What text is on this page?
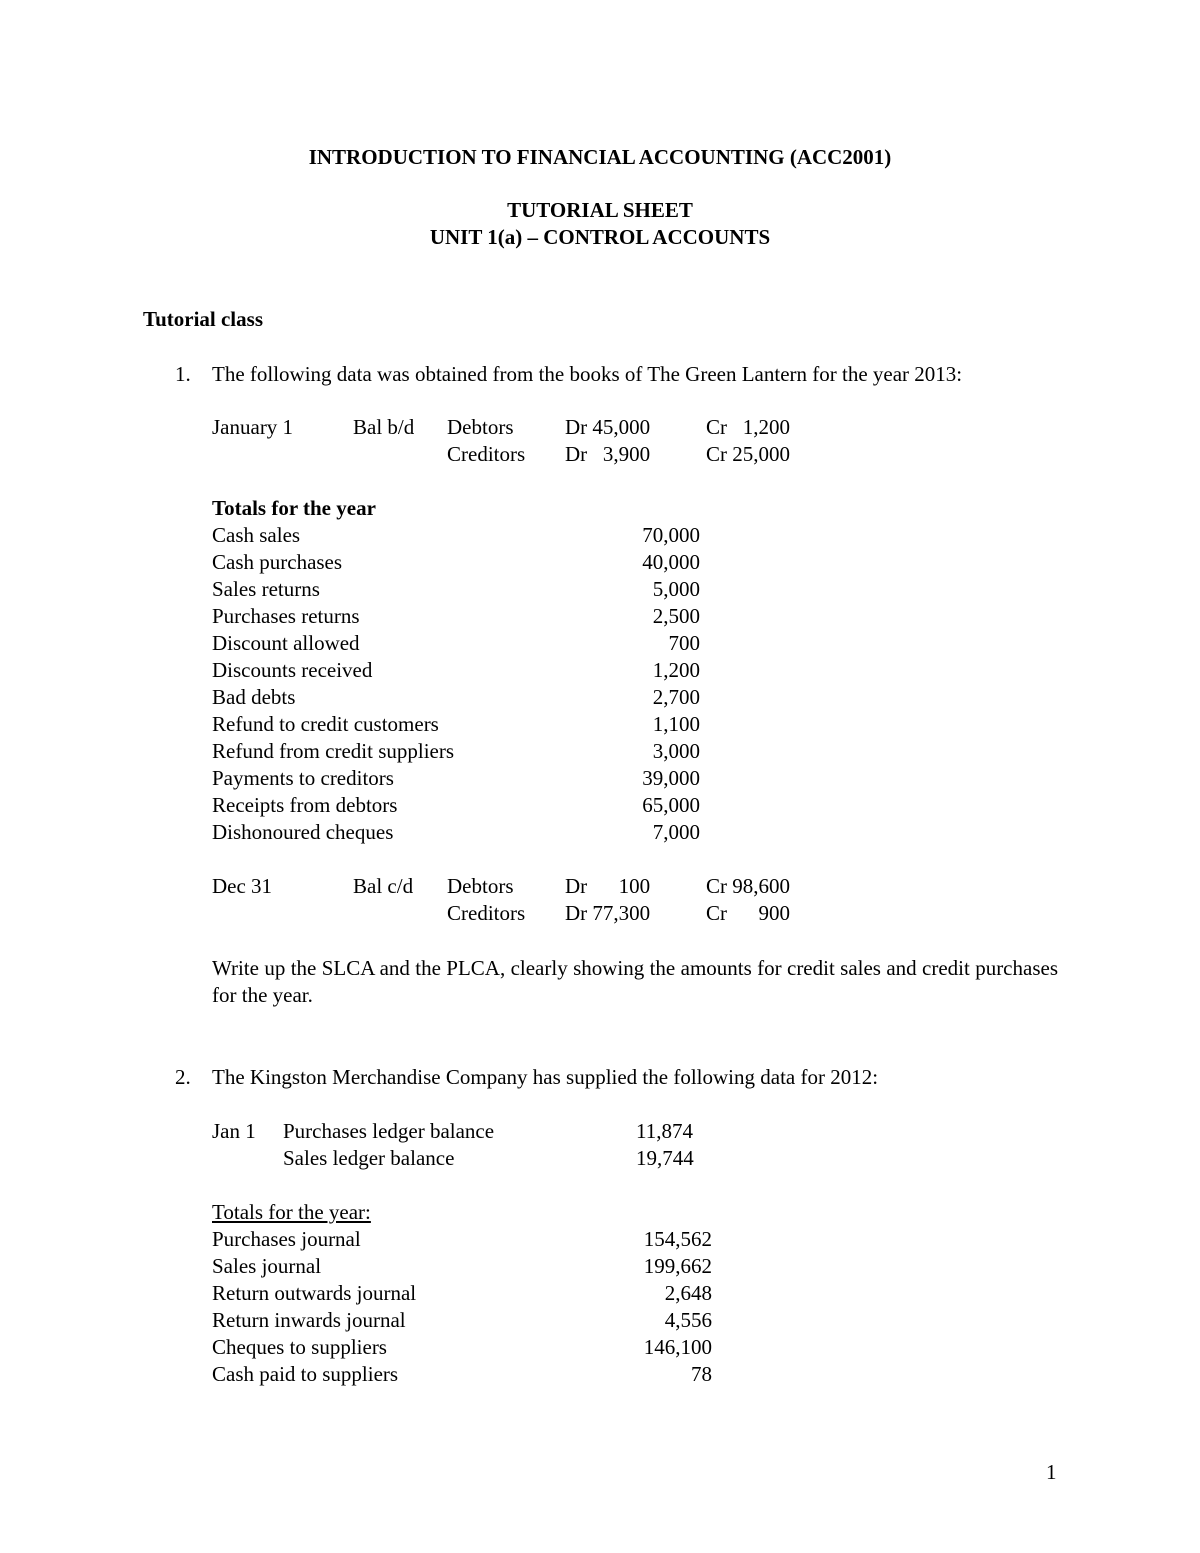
INTRODUCTION TO FINANCIAL ACCOUNTING (ACC2001)
TUTORIAL SHEET
UNIT 1(a) – CONTROL ACCOUNTS
Tutorial class
1. The following data was obtained from the books of The Green Lantern for the year 2013:
January 1	Bal b/d Debtors Dr 45,000	Cr   1,200
Creditors Dr   3,900	Cr 25,000
Totals for the year
Cash sales	70,000
Cash purchases	40,000
Sales returns	5,000
Purchases returns	2,500
Discount allowed	700
Discounts received	1,200
Bad debts	2,700
Refund to credit customers	1,100
Refund from credit suppliers	3,000
Payments to creditors	39,000
Receipts from debtors	65,000
Dishonoured cheques	7,000
Dec 31	Bal c/d Debtors Dr      100	Cr 98,600
Creditors Dr 77,300	Cr      900
Write up the SLCA and the PLCA, clearly showing the amounts for credit sales and credit purchases for the year.
2. The Kingston Merchandise Company has supplied the following data for 2012:
Jan 1 Purchases ledger balance	11,874
Sales ledger balance	19,744
Totals for the year:
Purchases journal	154,562
Sales journal	199,662
Return outwards journal	2,648
Return inwards journal	4,556
Cheques to suppliers	146,100
Cash paid to suppliers	78
1
